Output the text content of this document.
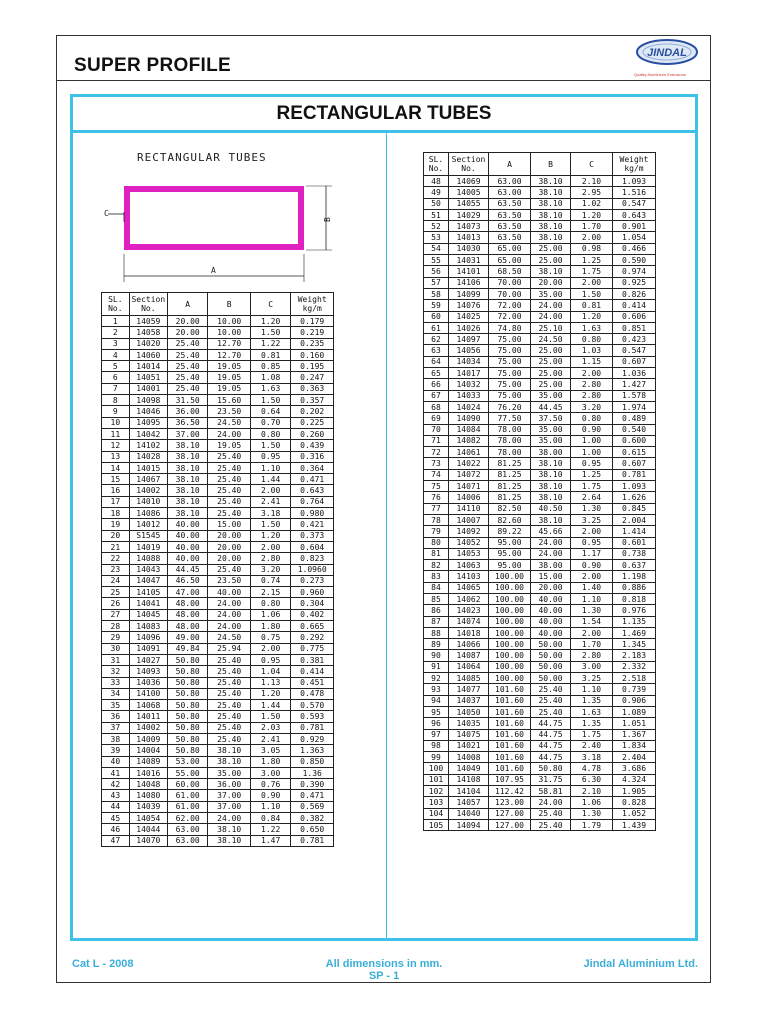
SUPER PROFILE
JINDAL
Quality Aluminium Extrusions
RECTANGULAR TUBES
RECTANGULAR TUBES
C
B
A
SL. No.	Section No.	A	B	C	Weight kg/m
1	14059	20.00	10.00	1.20	0.179
2	14058	20.00	10.00	1.50	0.219
3	14020	25.40	12.70	1.22	0.235
4	14060	25.40	12.70	0.81	0.160
5	14014	25.40	19.05	0.85	0.195
6	14051	25.40	19.05	1.08	0.247
7	14001	25.40	19.05	1.63	0.363
8	14098	31.50	15.60	1.50	0.357
9	14046	36.00	23.50	0.64	0.202
10	14095	36.50	24.50	0.70	0.225
11	14042	37.00	24.00	0.80	0.260
12	14102	38.10	19.05	1.50	0.439
13	14028	38.10	25.40	0.95	0.316
14	14015	38.10	25.40	1.10	0.364
15	14067	38.10	25.40	1.44	0.471
16	14002	38.10	25.40	2.00	0.643
17	14010	38.10	25.40	2.41	0.764
18	14086	38.10	25.40	3.18	0.980
19	14012	40.00	15.00	1.50	0.421
20	S1545	40.00	20.00	1.20	0.373
21	14019	40.00	20.00	2.00	0.604
22	14088	40.00	20.00	2.80	0.823
23	14043	44.45	25.40	3.20	1.0960
24	14047	46.50	23.50	0.74	0.273
25	14105	47.00	40.00	2.15	0.960
26	14041	48.00	24.00	0.80	0.304
27	14045	48.00	24.00	1.06	0.402
28	14083	48.00	24.00	1.80	0.665
29	14096	49.00	24.50	0.75	0.292
30	14091	49.84	25.94	2.00	0.775
31	14027	50.80	25.40	0.95	0.381
32	14093	50.80	25.40	1.04	0.414
33	14036	50.80	25.40	1.13	0.451
34	14100	50.80	25.40	1.20	0.478
35	14068	50.80	25.40	1.44	0.570
36	14011	50.80	25.40	1.50	0.593
37	14002	50.80	25.40	2.03	0.781
38	14009	50.80	25.40	2.41	0.929
39	14004	50.80	38.10	3.05	1.363
40	14089	53.00	38.10	1.80	0.850
41	14016	55.00	35.00	3.00	1.36
42	14048	60.00	36.00	0.76	0.390
43	14080	61.00	37.00	0.90	0.471
44	14039	61.00	37.00	1.10	0.569
45	14054	62.00	24.00	0.84	0.382
46	14044	63.00	38.10	1.22	0.650
47	14070	63.00	38.10	1.47	0.781
SL. No.	Section No.	A	B	C	Weight kg/m
48	14069	63.00	38.10	2.10	1.093
49	14005	63.00	38.10	2.95	1.516
50	14055	63.50	38.10	1.02	0.547
51	14029	63.50	38.10	1.20	0.643
52	14073	63.50	38.10	1.70	0.901
53	14013	63.50	38.10	2.00	1.054
54	14030	65.00	25.00	0.98	0.466
55	14031	65.00	25.00	1.25	0.590
56	14101	68.50	38.10	1.75	0.974
57	14106	70.00	20.00	2.00	0.925
58	14099	70.00	35.00	1.50	0.826
59	14076	72.00	24.00	0.81	0.414
60	14025	72.00	24.00	1.20	0.606
61	14026	74.80	25.10	1.63	0.851
62	14097	75.00	24.50	0.80	0.423
63	14056	75.00	25.00	1.03	0.547
64	14034	75.00	25.00	1.15	0.607
65	14017	75.00	25.00	2.00	1.036
66	14032	75.00	25.00	2.80	1.427
67	14033	75.00	35.00	2.80	1.578
68	14024	76.20	44.45	3.20	1.974
69	14090	77.50	37.50	0.80	0.489
70	14084	78.00	35.00	0.90	0.540
71	14082	78.00	35.00	1.00	0.600
72	14061	78.00	38.00	1.00	0.615
73	14022	81.25	38.10	0.95	0.607
74	14072	81.25	38.10	1.25	0.781
75	14071	81.25	38.10	1.75	1.093
76	14006	81.25	38.10	2.64	1.626
77	14110	82.50	40.50	1.30	0.845
78	14007	82.60	38.10	3.25	2.004
79	14092	89.22	45.66	2.00	1.414
80	14052	95.00	24.00	0.95	0.601
81	14053	95.00	24.00	1.17	0.738
82	14063	95.00	38.00	0.90	0.637
83	14103	100.00	15.00	2.00	1.198
84	14065	100.00	20.00	1.40	0.886
85	14062	100.00	40.00	1.10	0.818
86	14023	100.00	40.00	1.30	0.976
87	14074	100.00	40.00	1.54	1.135
88	14018	100.00	40.00	2.00	1.469
89	14066	100.00	50.00	1.70	1.345
90	14087	100.00	50.00	2.80	2.183
91	14064	100.00	50.00	3.00	2.332
92	14085	100.00	50.00	3.25	2.518
93	14077	101.60	25.40	1.10	0.739
94	14037	101.60	25.40	1.35	0.906
95	14050	101.60	25.40	1.63	1.089
96	14035	101.60	44.75	1.35	1.051
97	14075	101.60	44.75	1.75	1.367
98	14021	101.60	44.75	2.40	1.834
99	14008	101.60	44.75	3.18	2.404
100	14049	101.60	50.80	4.78	3.686
101	14108	107.95	31.75	6.30	4.324
102	14104	112.42	58.81	2.10	1.905
103	14057	123.00	24.00	1.06	0.828
104	14040	127.00	25.40	1.30	1.052
105	14094	127.00	25.40	1.79	1.439
Cat L - 2008	All dimensions in mm.
SP - 1
Jindal Aluminium Ltd.
